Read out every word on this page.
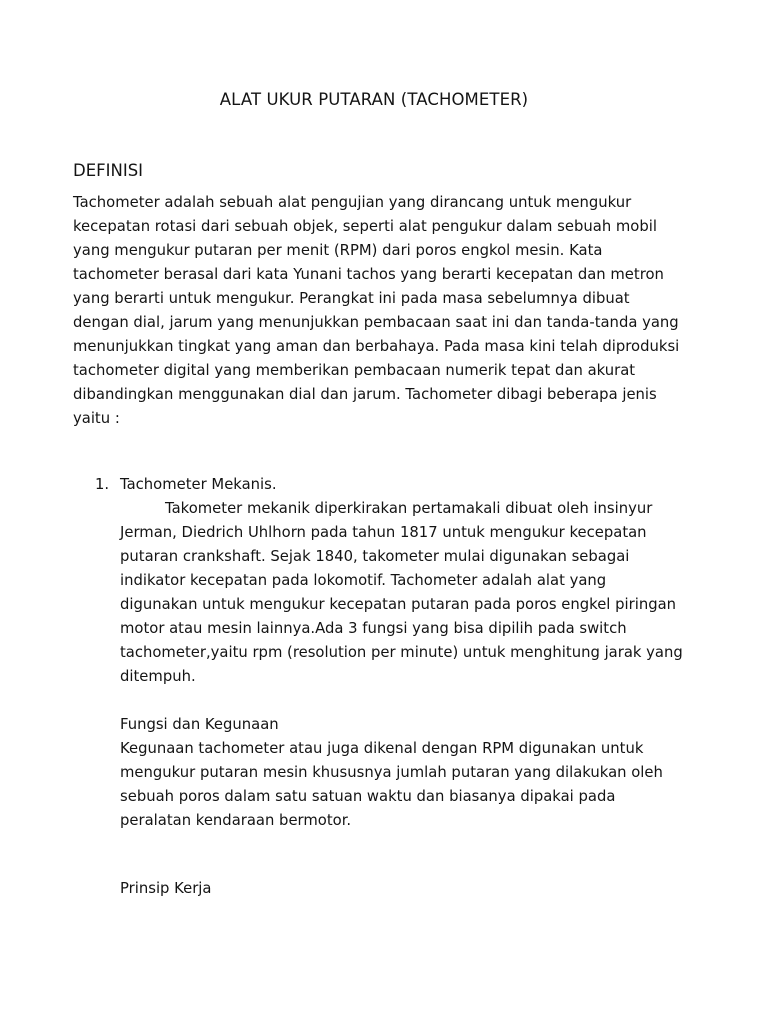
ALAT UKUR PUTARAN (TACHOMETER)
DEFINISI

Tachometer adalah sebuah alat pengujian yang dirancang untuk mengukur
kecepatan rotasi dari sebuah objek, seperti alat pengukur dalam sebuah mobil
yang mengukur putaran per menit (RPM) dari poros engkol mesin. Kata
tachometer berasal dari kata Yunani tachos yang berarti kecepatan dan metron
yang berarti untuk mengukur. Perangkat ini pada masa sebelumnya dibuat
dengan dial, jarum yang menunjukkan pembacaan saat ini dan tanda-tanda yang
menunjukkan tingkat yang aman dan berbahaya. Pada masa kini telah diproduksi
tachometer digital yang memberikan pembacaan numerik tepat dan akurat
dibandingkan menggunakan dial dan jarum. Tachometer dibagi beberapa jenis
yaitu :

1. Tachometer Mekanis.

Takometer mekanik diperkirakan pertamakali dibuat oleh insinyur
Jerman, Diedrich Uhlhorn pada tahun 1817 untuk mengukur kecepatan
putaran crankshaft. Sejak 1840, takometer mulai digunakan sebagai
indikator kecepatan pada lokomotif. Tachometer adalah alat yang
digunakan untuk mengukur kecepatan putaran pada poros engkel piringan
motor atau mesin lainnya.Ada 3 fungsi yang bisa dipilih pada switch
tachometer,yaitu rpm (resolution per minute) untuk menghitung jarak yang
ditempuh.

Fungsi dan Kegunaan
Kegunaan tachometer atau juga dikenal dengan RPM digunakan untuk
mengukur putaran mesin khususnya jumlah putaran yang dilakukan oleh
sebuah poros dalam satu satuan waktu dan biasanya dipakai pada
peralatan kendaraan bermotor.

Prinsip Kerja
